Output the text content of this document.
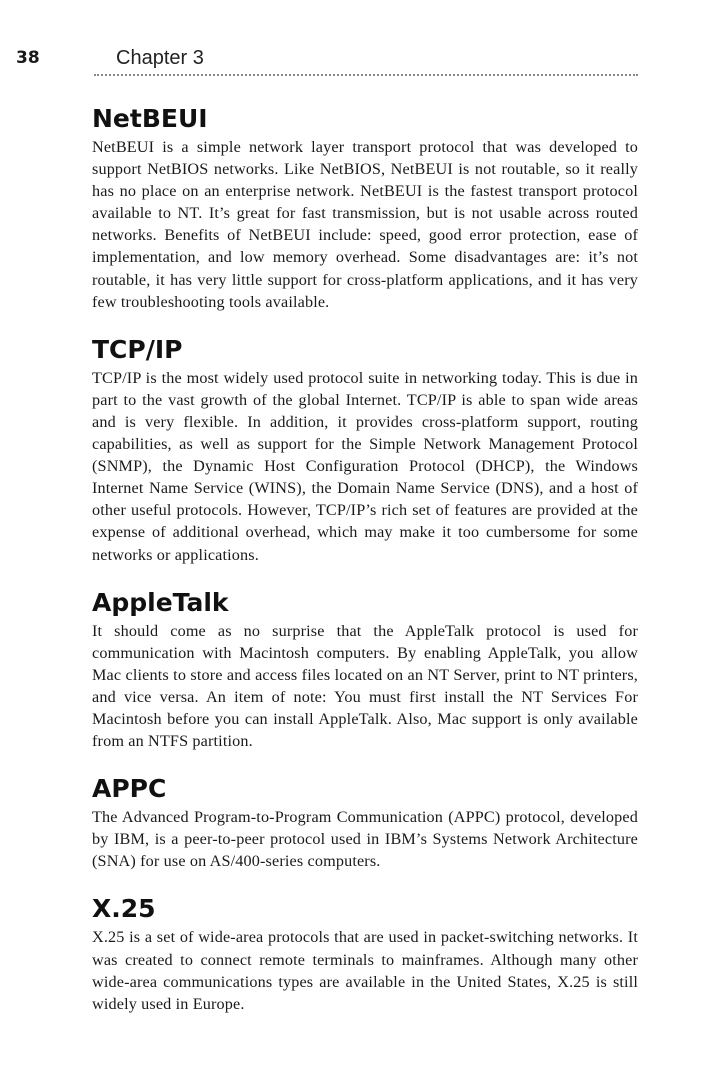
38	Chapter 3
NetBEUI

NetBEUI is a simple network layer transport protocol that was developed to support NetBIOS networks. Like NetBIOS, NetBEUI is not routable, so it really has no place on an enterprise network. NetBEUI is the fastest transport protocol available to NT. It’s great for fast transmission, but is not usable across routed networks. Benefits of NetBEUI include: speed, good error protection, ease of implementation, and low memory overhead. Some disadvantages are: it’s not routable, it has very little support for cross-platform applications, and it has very few troubleshooting tools available.

TCP/IP

TCP/IP is the most widely used protocol suite in networking today. This is due in part to the vast growth of the global Internet. TCP/IP is able to span wide areas and is very flexible. In addition, it provides cross-platform support, routing capabilities, as well as support for the Simple Network Management Protocol (SNMP), the Dynamic Host Configuration Protocol (DHCP), the Windows Internet Name Service (WINS), the Domain Name Service (DNS), and a host of other useful protocols. However, TCP/IP’s rich set of features are provided at the expense of additional overhead, which may make it too cumbersome for some networks or applications.

AppleTalk

It should come as no surprise that the AppleTalk protocol is used for communication with Macintosh computers. By enabling AppleTalk, you allow Mac clients to store and access files located on an NT Server, print to NT printers, and vice versa. An item of note: You must first install the NT Services For Macintosh before you can install AppleTalk. Also, Mac support is only available from an NTFS partition.

APPC

The Advanced Program-to-Program Communication (APPC) protocol, developed by IBM, is a peer-to-peer protocol used in IBM’s Systems Network Architecture (SNA) for use on AS/400-series computers.

X.25

X.25 is a set of wide-area protocols that are used in packet-switching networks. It was created to connect remote terminals to mainframes. Although many other wide-area communications types are available in the United States, X.25 is still widely used in Europe.
